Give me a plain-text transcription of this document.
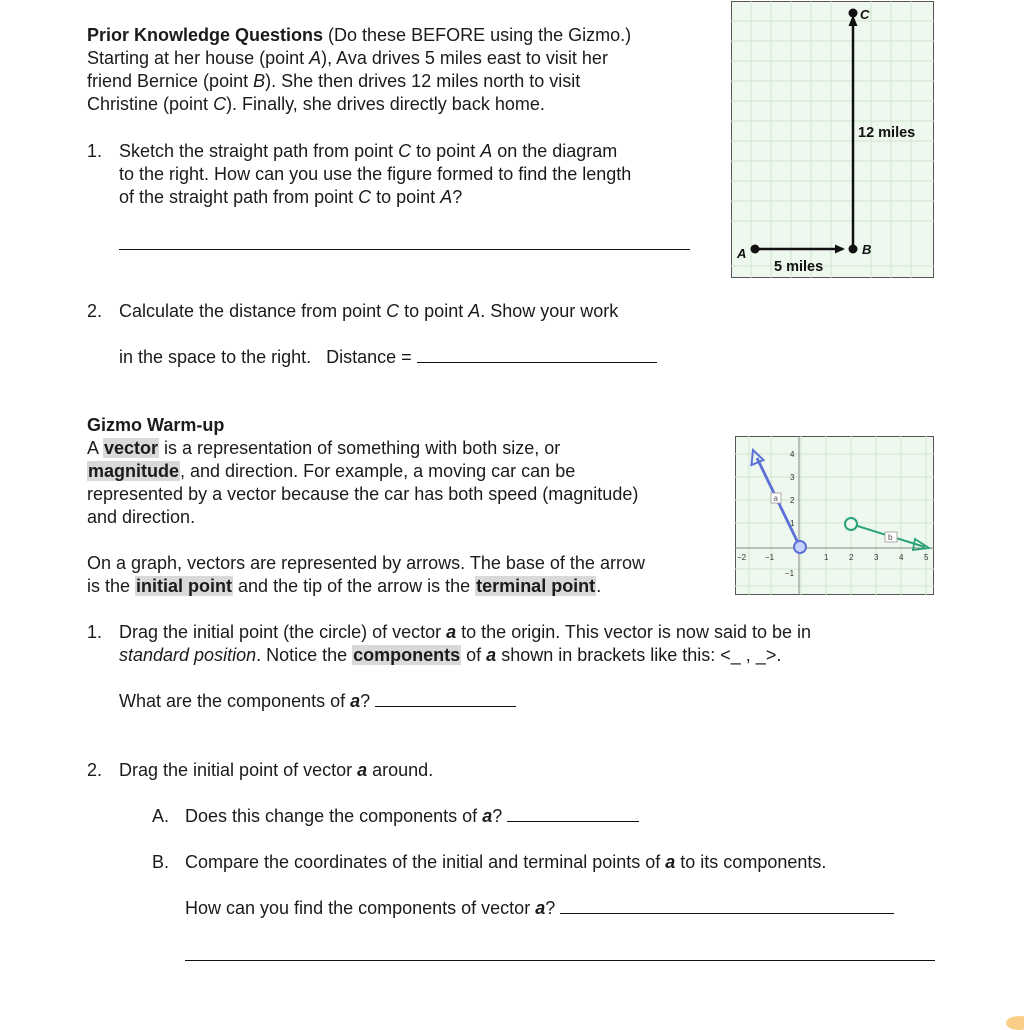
Prior Knowledge Questions (Do these BEFORE using the Gizmo.)
Starting at her house (point A), Ava drives 5 miles east to visit her
friend Bernice (point B). She then drives 12 miles north to visit
Christine (point C). Finally, she drives directly back home.
1. Sketch the straight path from point C to point A on the diagram
to the right. How can you use the figure formed to find the length
of the straight path from point C to point A?
2. Calculate the distance from point C to point A. Show your work
in the space to the right.   Distance =
A	B
C
12 miles
5 miles
Gizmo Warm-up
A vector is a representation of something with both size, or
magnitude, and direction. For example, a moving car can be
represented by a vector because the car has both speed (magnitude)
and direction.
On a graph, vectors are represented by arrows. The base of the arrow
is the initial point and the tip of the arrow is the terminal point.
−2 −1	1	2	3	4	5
4
3
2
1
−1
a
b
1. Drag the initial point (the circle) of vector a to the origin. This vector is now said to be in
standard position. Notice the components of a shown in brackets like this: <_ , _>.
What are the components of a?
2. Drag the initial point of vector a around.
A. Does this change the components of a?
B. Compare the coordinates of the initial and terminal points of a to its components.
How can you find the components of vector a?
